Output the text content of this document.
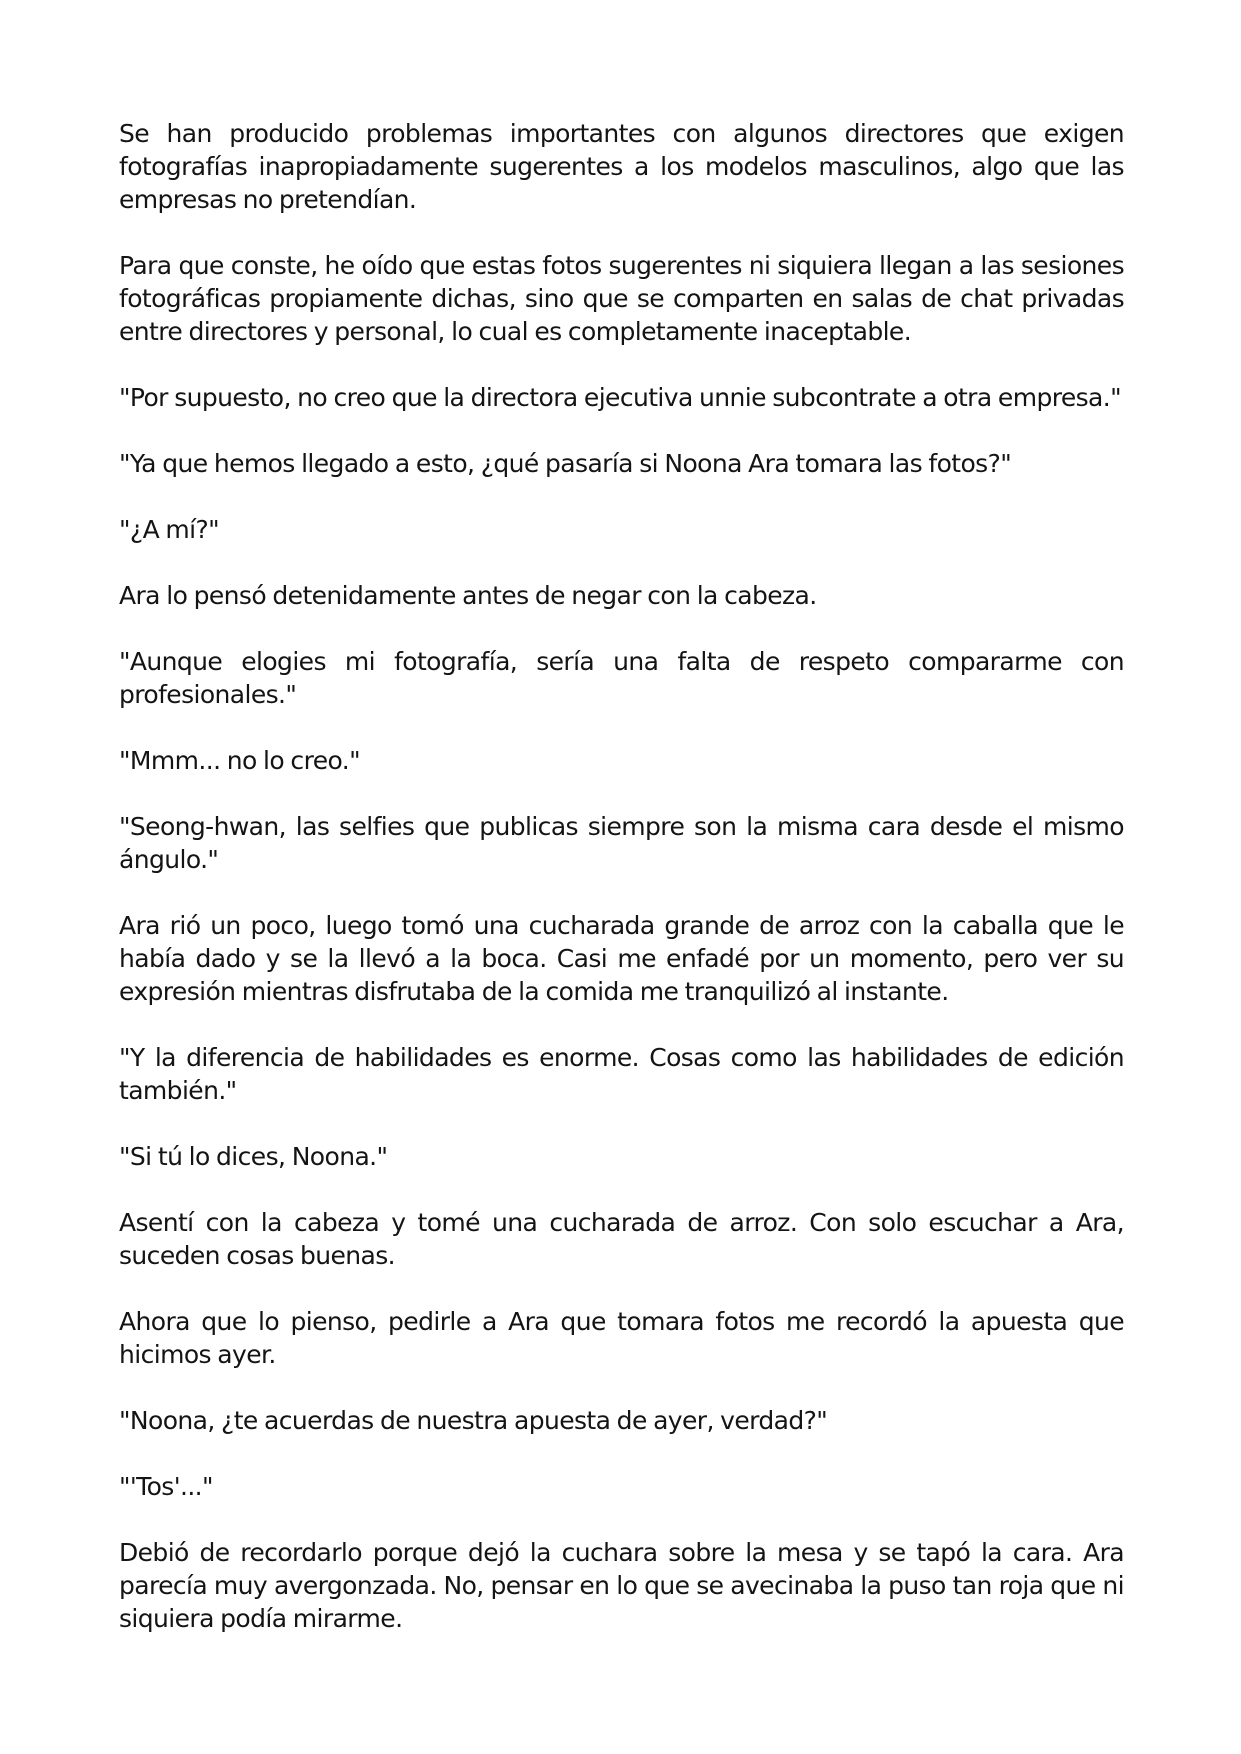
Se han producido problemas importantes con algunos directores que exigen fotografías inapropiadamente sugerentes a los modelos masculinos, algo que las empresas no pretendían.

Para que conste, he oído que estas fotos sugerentes ni siquiera llegan a las sesiones fotográficas propiamente dichas, sino que se comparten en salas de chat privadas entre directores y personal, lo cual es completamente inaceptable.

"Por supuesto, no creo que la directora ejecutiva unnie subcontrate a otra empresa."

"Ya que hemos llegado a esto, ¿qué pasaría si Noona Ara tomara las fotos?"

"¿A mí?"

Ara lo pensó detenidamente antes de negar con la cabeza.

"Aunque elogies mi fotografía, sería una falta de respeto compararme con profesionales."

"Mmm... no lo creo."

"Seong-hwan, las selfies que publicas siempre son la misma cara desde el mismo ángulo."

Ara rió un poco, luego tomó una cucharada grande de arroz con la caballa que le había dado y se la llevó a la boca. Casi me enfadé por un momento, pero ver su expresión mientras disfrutaba de la comida me tranquilizó al instante.

"Y la diferencia de habilidades es enorme. Cosas como las habilidades de edición también."

"Si tú lo dices, Noona."

Asentí con la cabeza y tomé una cucharada de arroz. Con solo escuchar a Ara, suceden cosas buenas.

Ahora que lo pienso, pedirle a Ara que tomara fotos me recordó la apuesta que hicimos ayer.

"Noona, ¿te acuerdas de nuestra apuesta de ayer, verdad?"

"'Tos'..."

Debió de recordarlo porque dejó la cuchara sobre la mesa y se tapó la cara. Ara parecía muy avergonzada. No, pensar en lo que se avecinaba la puso tan roja que ni siquiera podía mirarme.
